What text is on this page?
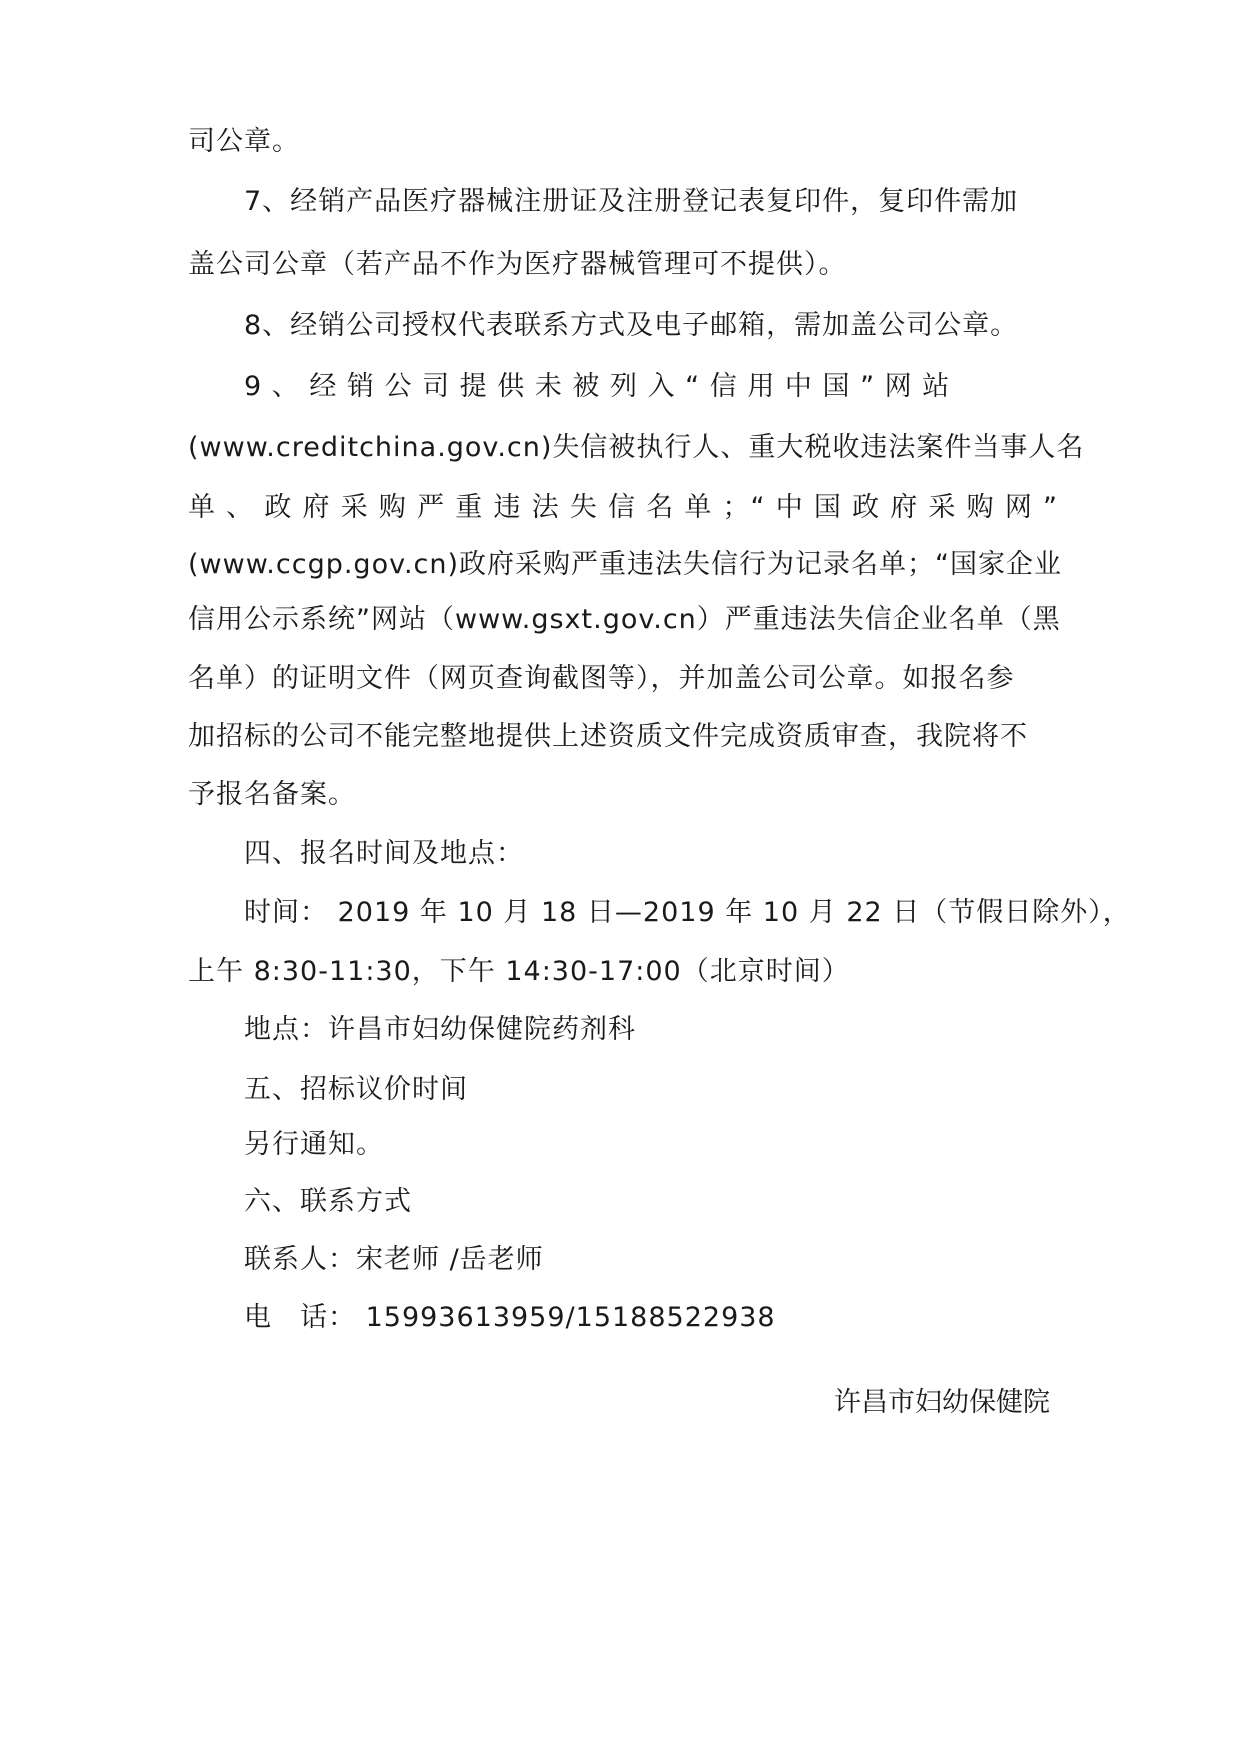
司公章。
7、经销产品医疗器械注册证及注册登记表复印件，复印件需加
盖公司公章（若产品不作为医疗器械管理可不提供）。
8、经销公司授权代表联系方式及电子邮箱，需加盖公司公章。
9 、 经 销 公 司 提 供 未 被 列 入 “ 信 用 中 国 ” 网 站
(www.creditchina.gov.cn)失信被执行人、重大税收违法案件当事人名
单、政府采购严重违法失信名单；“中国政府采购网”
(www.ccgp.gov.cn)政府采购严重违法失信行为记录名单；“国家企业
信用公示系统”网站（www.gsxt.gov.cn）严重违法失信企业名单（黑
名单）的证明文件（网页查询截图等），并加盖公司公章。如报名参
加招标的公司不能完整地提供上述资质文件完成资质审查，我院将不
予报名备案。
四、报名时间及地点：
时间： 2019 年 10 月 18 日—2019 年 10 月 22 日（节假日除外），
上午 8:30-11:30，下午 14:30-17:00（北京时间）
地点：许昌市妇幼保健院药剂科
五、招标议价时间
另行通知。
六、联系方式
联系人：宋老师 /岳老师
电　话： 15993613959/15188522938
许昌市妇幼保健院
